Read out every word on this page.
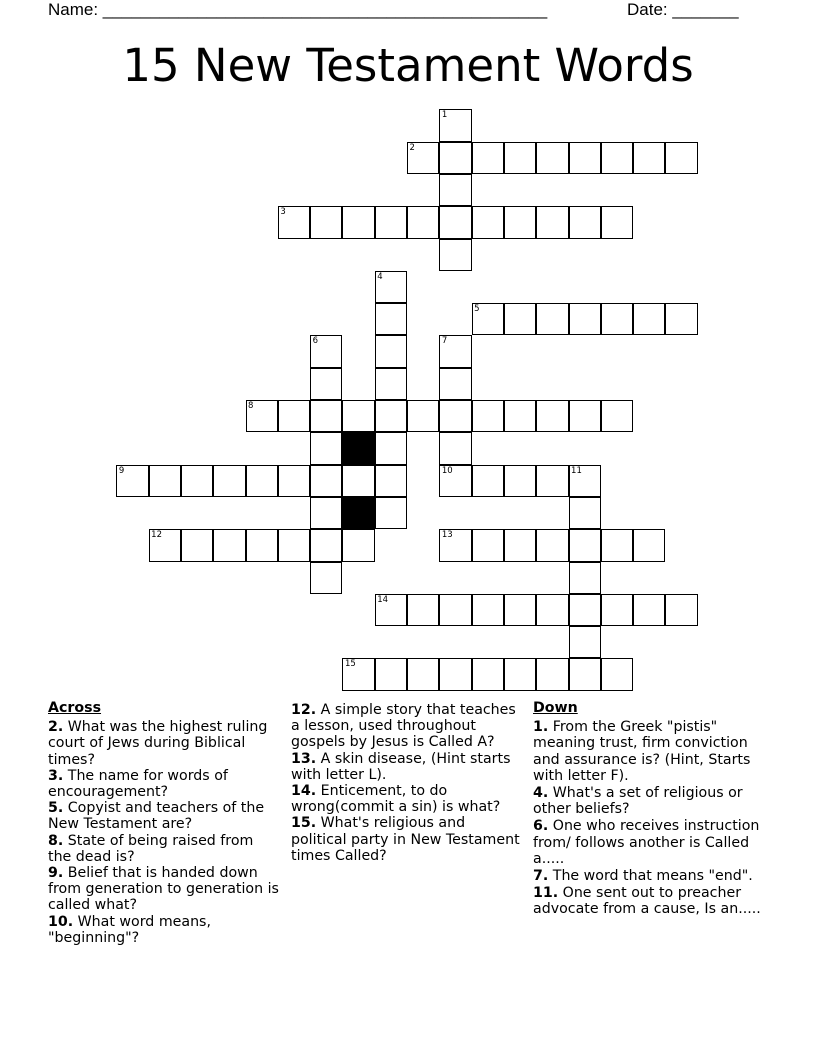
Name: _______________________________________________	Date: _______
15 New Testament Words
1
2
3
4
5
6	7
10
8
9	11
12	13
14
15
Across
2. What was the highest ruling court of Jews during Biblical times?
3. The name for words of encouragement?
5. Copyist and teachers of the New Testament are?
8. State of being raised from the dead is?
9. Belief that is handed down from generation to generation is called what?
10. What word means, "beginning"?
12. A simple story that teaches a lesson, used throughout gospels by Jesus is Called A?
13. A skin disease, (Hint starts with letter L).
14. Enticement, to do wrong(commit a sin) is what?
15. What's religious and political party in New Testament times Called?
Down
1. From the Greek "pistis" meaning trust, firm conviction and assurance is? (Hint, Starts with letter F).
4. What's a set of religious or other beliefs?
6. One who receives instruction from/ follows another is Called a.....
7. The word that means "end".
11. One sent out to preacher advocate from a cause, Is an.....
